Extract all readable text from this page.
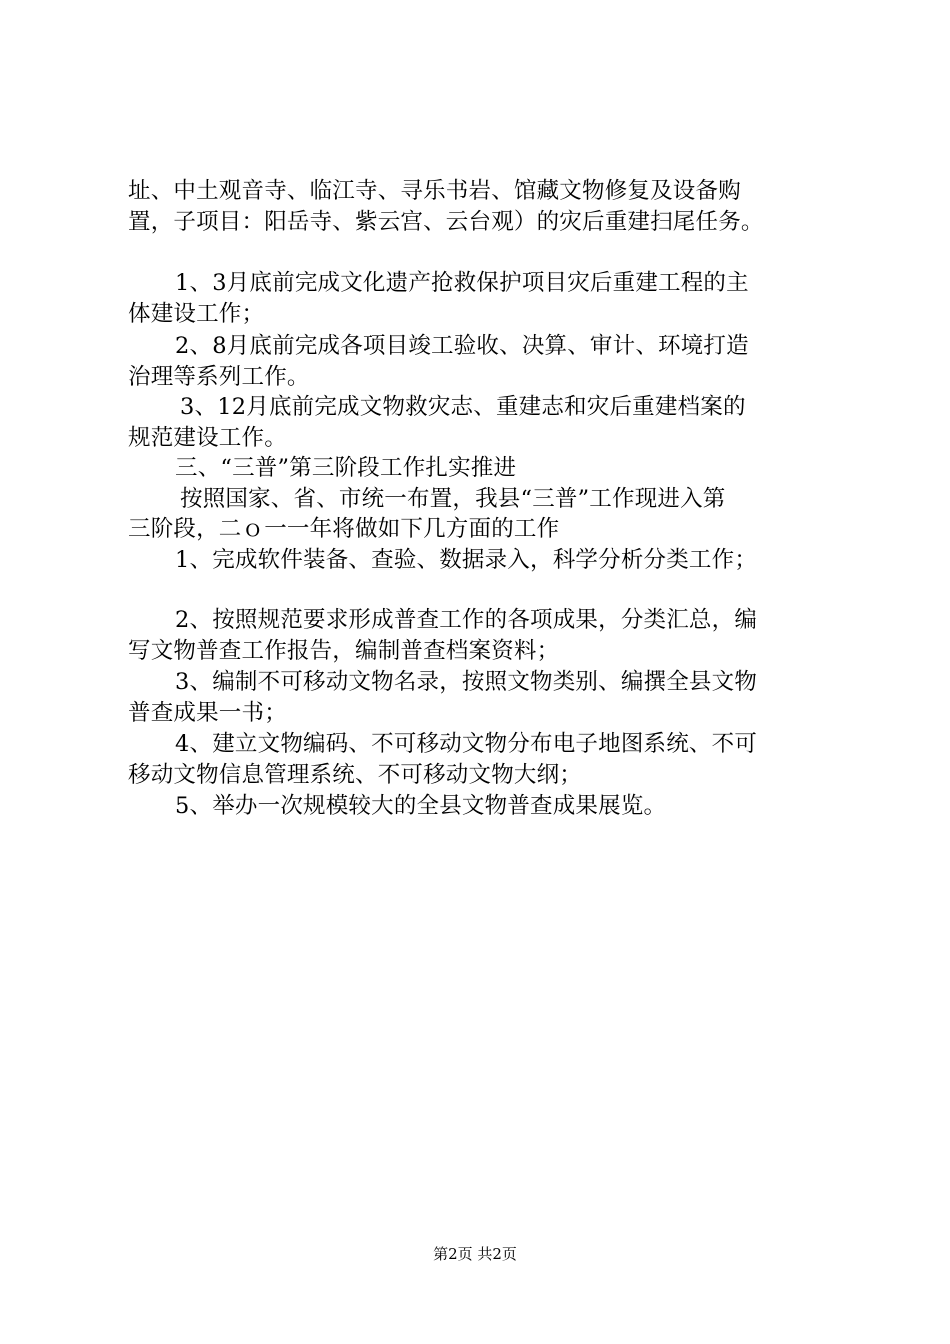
址、中土观音寺、临江寺、寻乐书岩、馆藏文物修复及设备购
置，子项目：阳岳寺、紫云宫、云台观）的灾后重建扫尾任务。
1、3月底前完成文化遗产抢救保护项目灾后重建工程的主
体建设工作；
2、8月底前完成各项目竣工验收、决算、审计、环境打造
治理等系列工作。
3、12月底前完成文物救灾志、重建志和灾后重建档案的
规范建设工作。
三、“三普”第三阶段工作扎实推进
按照国家、省、市统一布置，我县“三普”工作现进入第
三阶段，二ｏ一一年将做如下几方面的工作
1、完成软件装备、查验、数据录入，科学分析分类工作；
2、按照规范要求形成普查工作的各项成果，分类汇总，编
写文物普查工作报告，编制普查档案资料；
3、编制不可移动文物名录，按照文物类别、编撰全县文物
普查成果一书；
4、建立文物编码、不可移动文物分布电子地图系统、不可
移动文物信息管理系统、不可移动文物大纲；
5、举办一次规模较大的全县文物普查成果展览。
第2页 共2页
